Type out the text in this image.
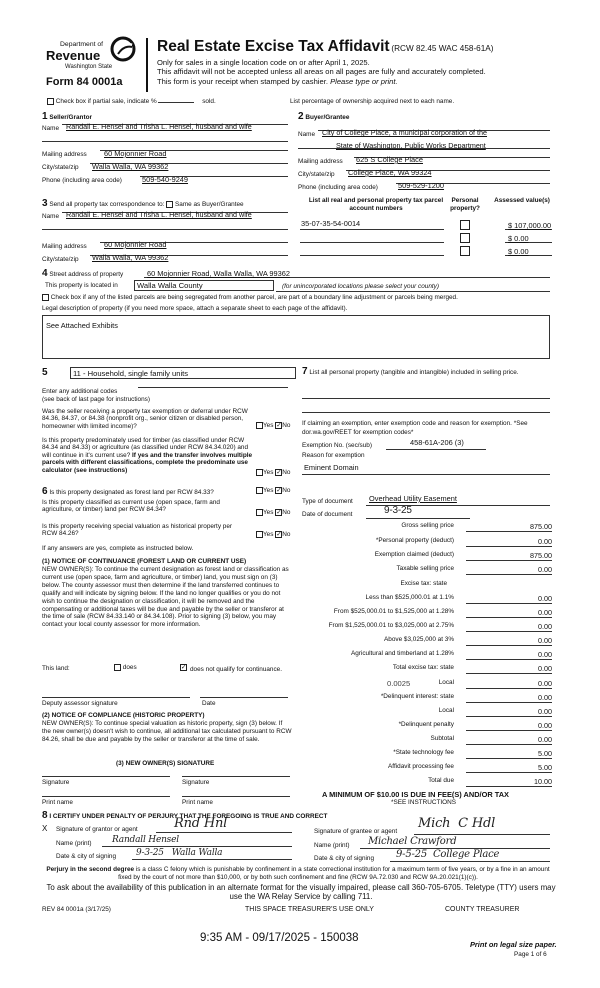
Department of
Revenue
Washington State
Form 84 0001a
Real Estate Excise Tax Affidavit (RCW 82.45 WAC 458-61A)
Only for sales in a single location code on or after April 1, 2025.
This affidavit will not be accepted unless all areas on all pages are fully and accurately completed.
This form is your receipt when stamped by cashier. Please type or print.
Check box if partial sale, indicate %	sold.	List percentage of ownership acquired next to each name.
1 Seller/Grantor
Name Randall E. Hensel and Trisha L. Hensel, husband and wife
Mailing address 60 Mojonnier Road
City/state/zip Walla Walla, WA 99362
Phone (including area code)	509-540-9249
2 Buyer/Grantee
Name City of College Place, a municipal corporation of the
State of Washington, Public Works Department
Mailing address 625 S College Place
City/state/zip College Place, WA 99324
Phone (including area code)	509-529-1200
3 Send all property tax correspondence to: Same as Buyer/Grantee
Name Randall E. Hensel and Trisha L. Hensel, husband and wife
Mailing address 60 Mojonnier Road
City/state/zip Walla Walla, WA 99362
List all real and personal property tax parcel account numbers
Personal property?
Assessed value(s)
35-07-35-54-0014	$ 107,000.00
$ 0.00
$ 0.00
4 Street address of property	60 Mojonnier Road, Walla Walla, WA 99362
This property is located in	Walla Walla County	(for unincorporated locations please select your county)
Check box if any of the listed parcels are being segregated from another parcel, are part of a boundary line adjustment or parcels being merged.
Legal description of property (if you need more space, attach a separate sheet to each page of the affidavit).
See Attached Exhibits
5	11 - Household, single family units
Enter any additional codes
(see back of last page for instructions)
Was the seller receiving a property tax exemption or deferral under RCW 84.36, 84.37, or 84.38 (nonprofit org., senior citizen or disabled person, homeowner with limited income)?	Yes ✓No
Is this property predominately used for timber (as classified under RCW 84.34 and 84.33) or agriculture (as classified under RCW 84.34.020) and will continue in it's current use? If yes and the transfer involves multiple parcels with different classifications, complete the predominate use calculator (see instructions)	Yes ✓No
6 Is this property designated as forest land per RCW 84.33?	Yes ✓No
Is this property classified as current use (open space, farm and agriculture, or timber) land per RCW 84.34?	Yes ✓No
Is this property receiving special valuation as historical property per RCW 84.26?	Yes ✓No
If any answers are yes, complete as instructed below.
(1) NOTICE OF CONTINUANCE (FOREST LAND OR CURRENT USE)
NEW OWNER(S): To continue the current designation as forest land or classification as current use (open space, farm and agriculture, or timber) land, you must sign on (3) below. The county assessor must then determine if the land transferred continues to qualify and will indicate by signing below. If the land no longer qualifies or you do not wish to continue the designation or classification, it will be removed and the compensating or additional taxes will be due and payable by the seller or transferor at the time of sale (RCW 84.33.140 or 84.34.108). Prior to signing (3) below, you may contact your local county assessor for more information.
This land:	does	✓ does not qualify for continuance.
Deputy assessor signature	Date
(2) NOTICE OF COMPLIANCE (HISTORIC PROPERTY)
NEW OWNER(S): To continue special valuation as historic property, sign (3) below. If the new owner(s) doesn't wish to continue, all additional tax calculated pursuant to RCW 84.26, shall be due and payable by the seller or transferor at the time of sale.
(3) NEW OWNER(S) SIGNATURE
Signature	Signature
Print name	Print name
7 List all personal property (tangible and intangible) included in selling price.
If claiming an exemption, enter exemption code and reason for exemption. *See dor.wa.gov/REET for exemption codes*
Exemption No. (sec/sub)	458-61A-206 (3)
Reason for exemption
Eminent Domain
Type of document Overhead Utility Easement
Date of document	9-3-25
Gross selling price	875.00
*Personal property (deduct)	0.00
Exemption claimed (deduct)	875.00
Taxable selling price	0.00
Excise tax: state
Less than $525,000.01 at 1.1%	0.00
From $525,000.01 to $1,525,000 at 1.28%	0.00
From $1,525,000.01 to $3,025,000 at 2.75%	0.00
Above $3,025,000 at 3%	0.00
Agricultural and timberland at 1.28%	0.00
Total excise tax: state	0.00
0.0025	Local	0.00
*Delinquent interest: state	0.00
Local	0.00
*Delinquent penalty	0.00
Subtotal	0.00
*State technology fee	5.00
Affidavit processing fee	5.00
Total due	10.00
A MINIMUM OF $10.00 IS DUE IN FEE(S) AND/OR TAX
*SEE INSTRUCTIONS
8 I CERTIFY UNDER PENALTY OF PERJURY THAT THE FOREGOING IS TRUE AND CORRECT
X Signature of grantor or agent	Rnd Hnl
Name (print) Randall Hensel
Date & city of signing 9-3-25   Walla Walla
Signature of grantee or agent
Mich  C Hdl
Name (print) Michael Crawford
Date & city of signing 9-5-25  College Place
Perjury in the second degree is a class C felony which is punishable by confinement in a state correctional institution for a maximum term of five years, or by a fine in an amount fixed by the court of not more than $10,000, or by both such confinement and fine (RCW 9A.72.030 and RCW 9A.20.021(1)(c)).
To ask about the availability of this publication in an alternate format for the visually impaired, please call 360-705-6705. Teletype (TTY) users may use the WA Relay Service by calling 711.
REV 84 0001a (3/17/25)	THIS SPACE TREASURER'S USE ONLY	COUNTY TREASURER
9:35 AM - 09/17/2025 - 150038
Print on legal size paper.
Page 1 of 6
